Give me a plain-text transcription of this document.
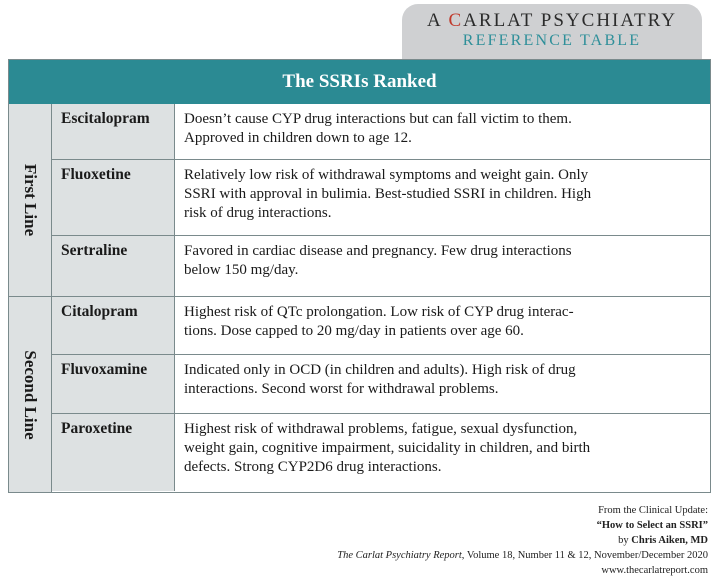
A CARLAT PSYCHIATRY
REFERENCE TABLE
The SSRIs Ranked
First Line
Escitalopram	Doesn’t cause CYP drug interactions but can fall victim to them.
Approved in children down to age 12.
Fluoxetine	Relatively low risk of withdrawal symptoms and weight gain. Only
SSRI with approval in bulimia. Best-studied SSRI in children. High
risk of drug interactions.
Sertraline	Favored in cardiac disease and pregnancy. Few drug interactions
below 150 mg/day.
Second Line
Citalopram	Highest risk of QTc prolongation. Low risk of CYP drug interac-
tions. Dose capped to 20 mg/day in patients over age 60.
Fluvoxamine	Indicated only in OCD (in children and adults). High risk of drug
interactions. Second worst for withdrawal problems.
Paroxetine	Highest risk of withdrawal problems, fatigue, sexual dysfunction,
weight gain, cognitive impairment, suicidality in children, and birth
defects. Strong CYP2D6 drug interactions.
From the Clinical Update:
“How to Select an SSRI”
by Chris Aiken, MD
The Carlat Psychiatry Report, Volume 18, Number 11 & 12, November/December 2020
www.thecarlatreport.com
